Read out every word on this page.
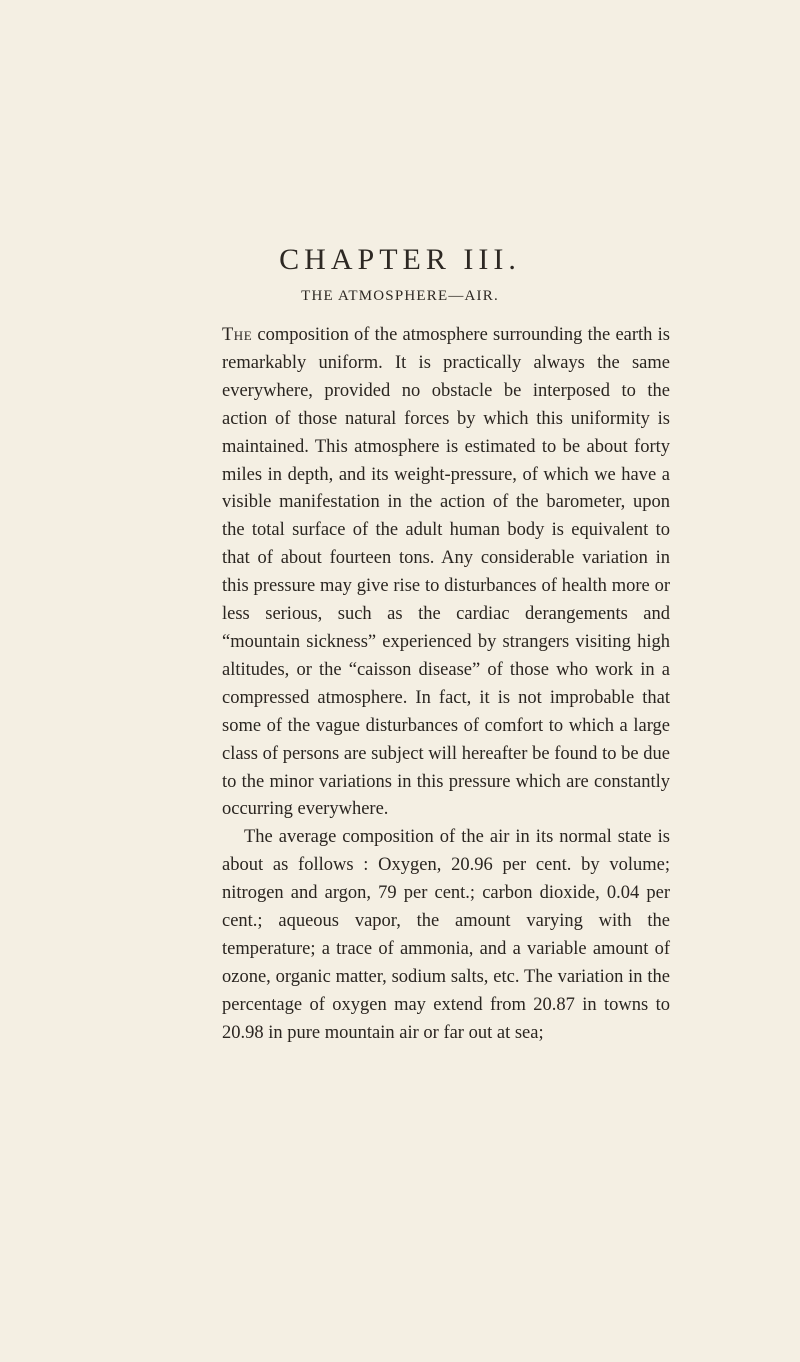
CHAPTER III.
THE ATMOSPHERE—AIR.

The composition of the atmosphere surrounding the earth is remarkably uniform. It is practically always the same everywhere, provided no obstacle be interposed to the action of those natural forces by which this uniformity is maintained. This atmosphere is estimated to be about forty miles in depth, and its weight-pressure, of which we have a visible manifestation in the action of the barometer, upon the total surface of the adult human body is equivalent to that of about fourteen tons. Any considerable variation in this pressure may give rise to disturbances of health more or less serious, such as the cardiac derangements and “mountain sickness” experienced by strangers visiting high altitudes, or the “caisson disease” of those who work in a compressed atmosphere. In fact, it is not improbable that some of the vague disturbances of comfort to which a large class of persons are subject will hereafter be found to be due to the minor variations in this pressure which are constantly occurring everywhere.

The average composition of the air in its normal state is about as follows : Oxygen, 20.96 per cent. by volume; nitrogen and argon, 79 per cent.; carbon dioxide, 0.04 per cent.; aqueous vapor, the amount varying with the temperature; a trace of ammonia, and a variable amount of ozone, organic matter, sodium salts, etc. The variation in the percentage of oxygen may extend from 20.87 in towns to 20.98 in pure mountain air or far out at sea;
